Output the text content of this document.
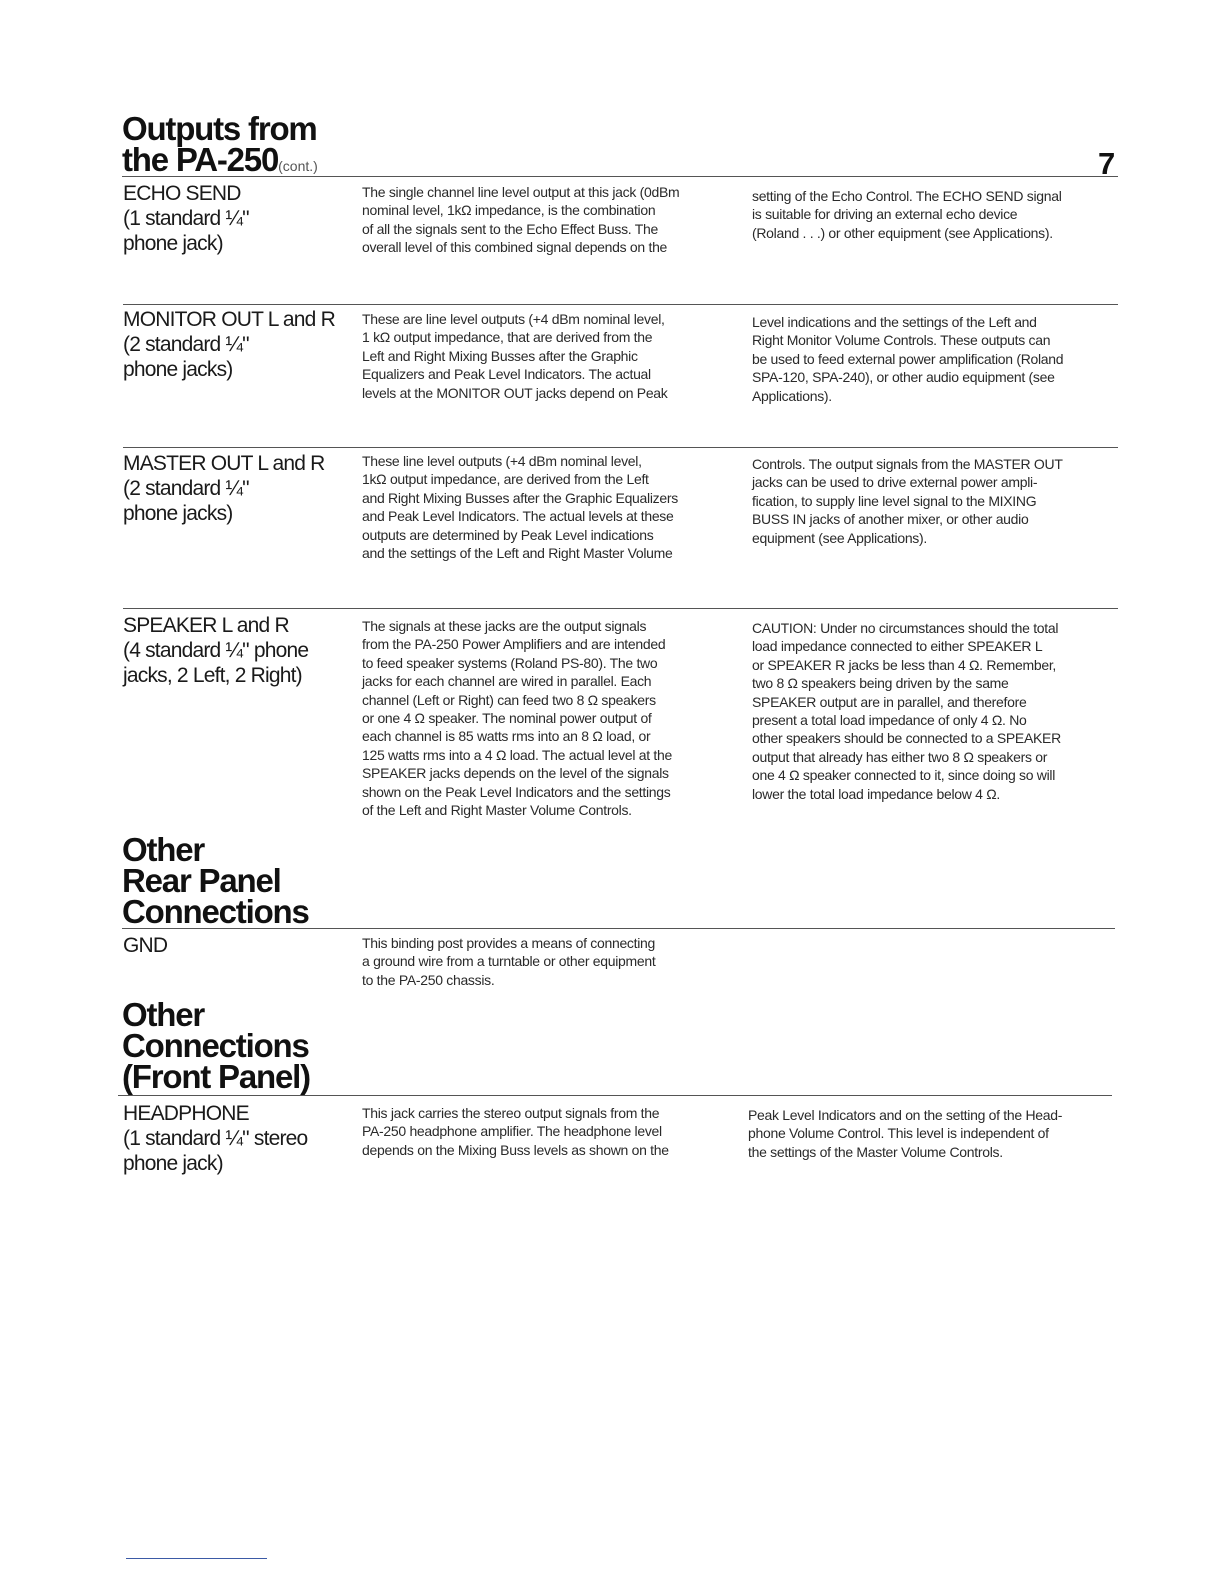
Outputs from
the PA-250(cont.)	7
ECHO SEND
(1 standard ¼"
phone jack)
The single channel line level output at this jack (0dBm
nominal level, 1kΩ impedance, is the combination
of all the signals sent to the Echo Effect Buss. The
overall level of this combined signal depends on the
setting of the Echo Control. The ECHO SEND signal
is suitable for driving an external echo device
(Roland . . .) or other equipment (see Applications).
MONITOR OUT L and R
(2 standard ¼"
phone jacks)
These are line level outputs (+4 dBm nominal level,
1 kΩ output impedance, that are derived from the
Left and Right Mixing Busses after the Graphic
Equalizers and Peak Level Indicators. The actual
levels at the MONITOR OUT jacks depend on Peak
Level indications and the settings of the Left and
Right Monitor Volume Controls. These outputs can
be used to feed external power amplification (Roland
SPA-120, SPA-240), or other audio equipment (see
Applications).
MASTER OUT L and R
(2 standard ¼"
phone jacks)
These line level outputs (+4 dBm nominal level,
1kΩ output impedance, are derived from the Left
and Right Mixing Busses after the Graphic Equalizers
and Peak Level Indicators. The actual levels at these
outputs are determined by Peak Level indications
and the settings of the Left and Right Master Volume
Controls. The output signals from the MASTER OUT
jacks can be used to drive external power ampli-
fication, to supply line level signal to the MIXING
BUSS IN jacks of another mixer, or other audio
equipment (see Applications).
SPEAKER L and R
(4 standard ¼" phone
jacks, 2 Left, 2 Right)
The signals at these jacks are the output signals
from the PA-250 Power Amplifiers and are intended
to feed speaker systems (Roland PS-80). The two
jacks for each channel are wired in parallel. Each
channel (Left or Right) can feed two 8 Ω speakers
or one 4 Ω speaker. The nominal power output of
each channel is 85 watts rms into an 8 Ω load, or
125 watts rms into a 4 Ω load. The actual level at the
SPEAKER jacks depends on the level of the signals
shown on the Peak Level Indicators and the settings
of the Left and Right Master Volume Controls.
CAUTION: Under no circumstances should the total
load impedance connected to either SPEAKER L
or SPEAKER R jacks be less than 4 Ω. Remember,
two 8 Ω speakers being driven by the same
SPEAKER output are in parallel, and therefore
present a total load impedance of only 4 Ω. No
other speakers should be connected to a SPEAKER
output that already has either two 8 Ω speakers or
one 4 Ω speaker connected to it, since doing so will
lower the total load impedance below 4 Ω.
Other
Rear Panel
Connections
GND	This binding post provides a means of connecting
a ground wire from a turntable or other equipment
to the PA-250 chassis.
Other
Connections
(Front Panel)
HEADPHONE
(1 standard ¼" stereo
phone jack)
This jack carries the stereo output signals from the
PA-250 headphone amplifier. The headphone level
depends on the Mixing Buss levels as shown on the
Peak Level Indicators and on the setting of the Head-
phone Volume Control. This level is independent of
the settings of the Master Volume Controls.
